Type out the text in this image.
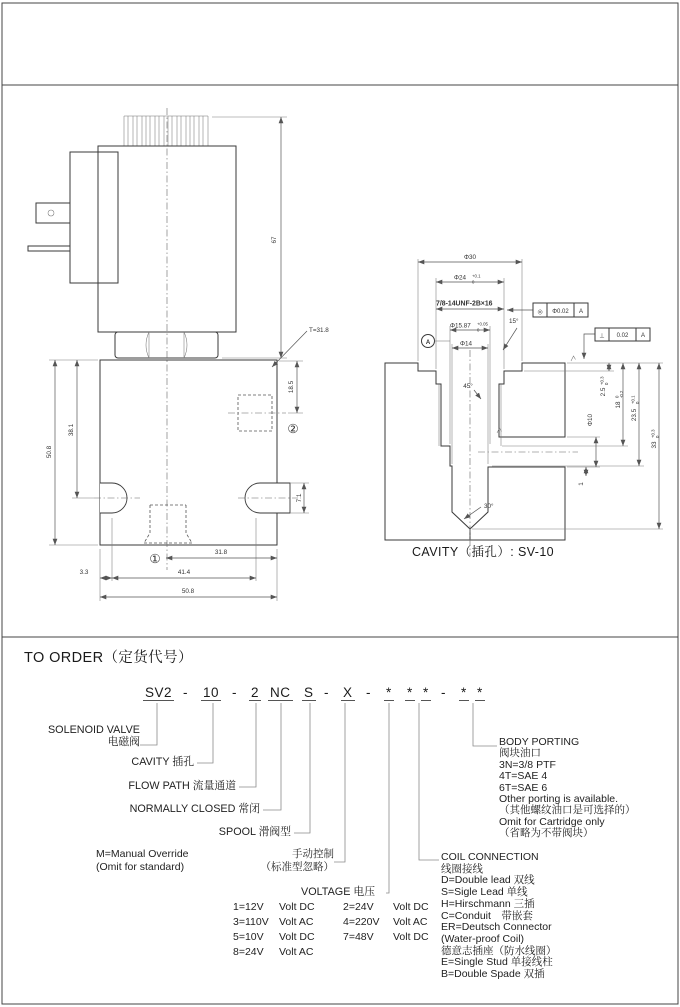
67
T=31.8
18.5
50.8
38.1
7.1
31.8
41.4
3.3
50.8
①
②
Φ30
Φ24 +0.1
0
7/8-14UNF-2B×16
Φ15.87 +0.05
0
Φ14
15°
A
◎ Φ0.02 A
⊥ 0.02 A
2.5
+0.3 0
Φ10
1
18
0 -0.2
23.5
+0.1 0
33
+0.3 0
45°
30°
CAVITY（插孔）: SV-10
TO ORDER（定货代号）
SV2 - 10 - 2 NC S - X - * * * - * *
SOLENOID VALVE
电磁阀
CAVITY 插孔
FLOW PATH 流量通道
NORMALLY CLOSED 常闭
SPOOL 滑阀型
M=Manual Override	手动控制
(Omit for standard)	（标准型忽略）
VOLTAGE 电压
1=12V	Volt DC	2=24V	Volt DC
3=110V Volt AC	4=220V	Volt AC
5=10V	Volt DC	7=48V	Volt DC
8=24V	Volt AC
COIL CONNECTION
线圈接线
D=Double lead 双线
S=Sigle Lead 单线
H=Hirschmann 三插
C=Conduit　带嵌套
ER=Deutsch Connector
(Water-proof Coil)
德意志插座（防水线圈）
E=Single Stud 单接线柱
B=Double Spade 双插
BODY PORTING
阀块油口
3N=3/8 PTF
4T=SAE 4
6T=SAE 6
Other porting is available.
（其他螺纹油口是可选择的）
Omit for Cartridge only
（省略为不带阀块）
